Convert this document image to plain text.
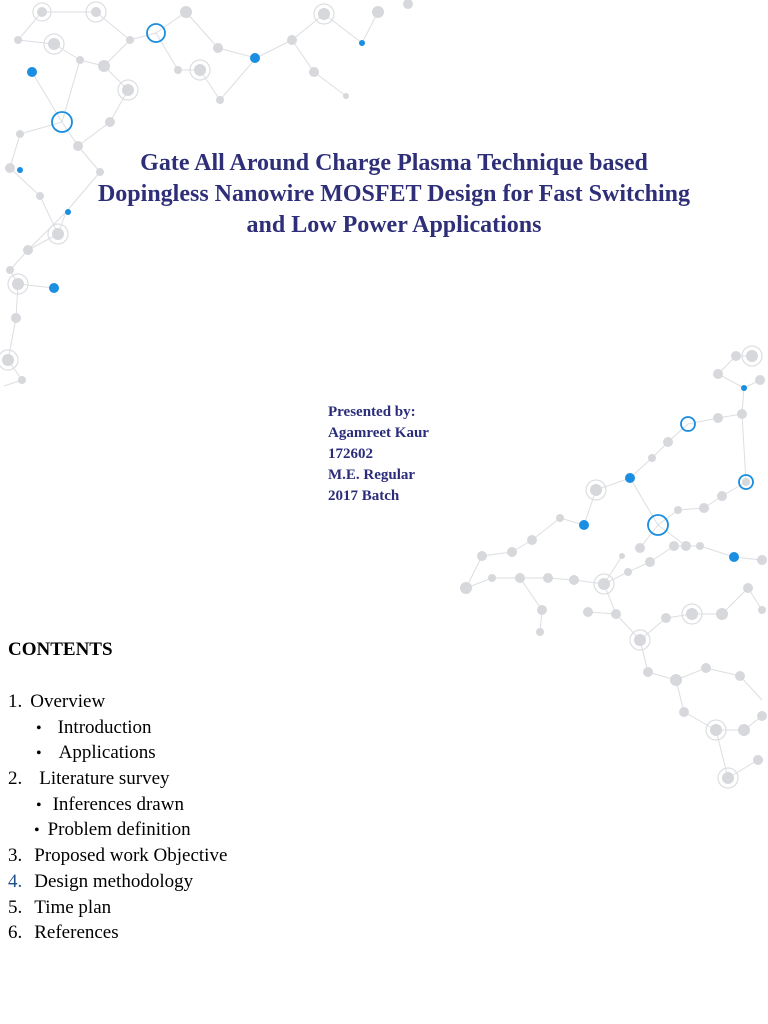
Gate All Around Charge Plasma Technique based
Dopingless Nanowire MOSFET Design for Fast Switching
and Low Power Applications
Presented by:
Agamreet Kaur
172602
M.E. Regular
2017 Batch
CONTENTS
1. Overview
• Introduction
• Applications
2. Literature survey
• Inferences drawn
• Problem definition
3. Proposed work Objective
4. Design methodology
5. Time plan
6. References
